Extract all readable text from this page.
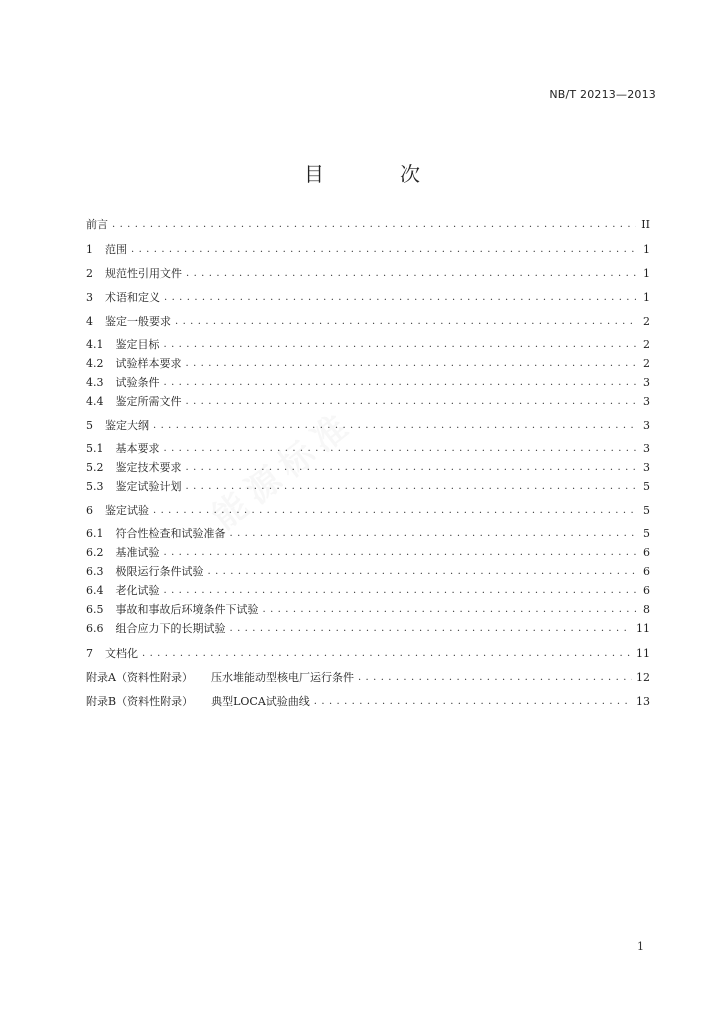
NB/T 20213—2013
目　次
能源标准
前言 .....	II
1 范围 .....	1
2 规范性引用文件 .....	1
3 术语和定义 .....	1
4 鉴定一般要求 .....	2
4.1 鉴定目标 .....	2
4.2 试验样本要求 .....	2
4.3 试验条件 .....	3
4.4 鉴定所需文件 .....	3
5 鉴定大纲 .....	3
5.1 基本要求 .....	3
5.2 鉴定技术要求 .....	3
5.3 鉴定试验计划 .....	5
6 鉴定试验 .....	5
6.1 符合性检查和试验准备 .....	5
6.2 基准试验 .....	6
6.3 极限运行条件试验 .....	6
6.4 老化试验 .....	6
6.5 事故和事故后环境条件下试验 .....	8
6.6 组合应力下的长期试验 .....	11
7 文档化 .....	11
附录A（资料性附录） 压水堆能动型核电厂运行条件 .....	12
附录B（资料性附录） 典型LOCA试验曲线 .....	13
1
